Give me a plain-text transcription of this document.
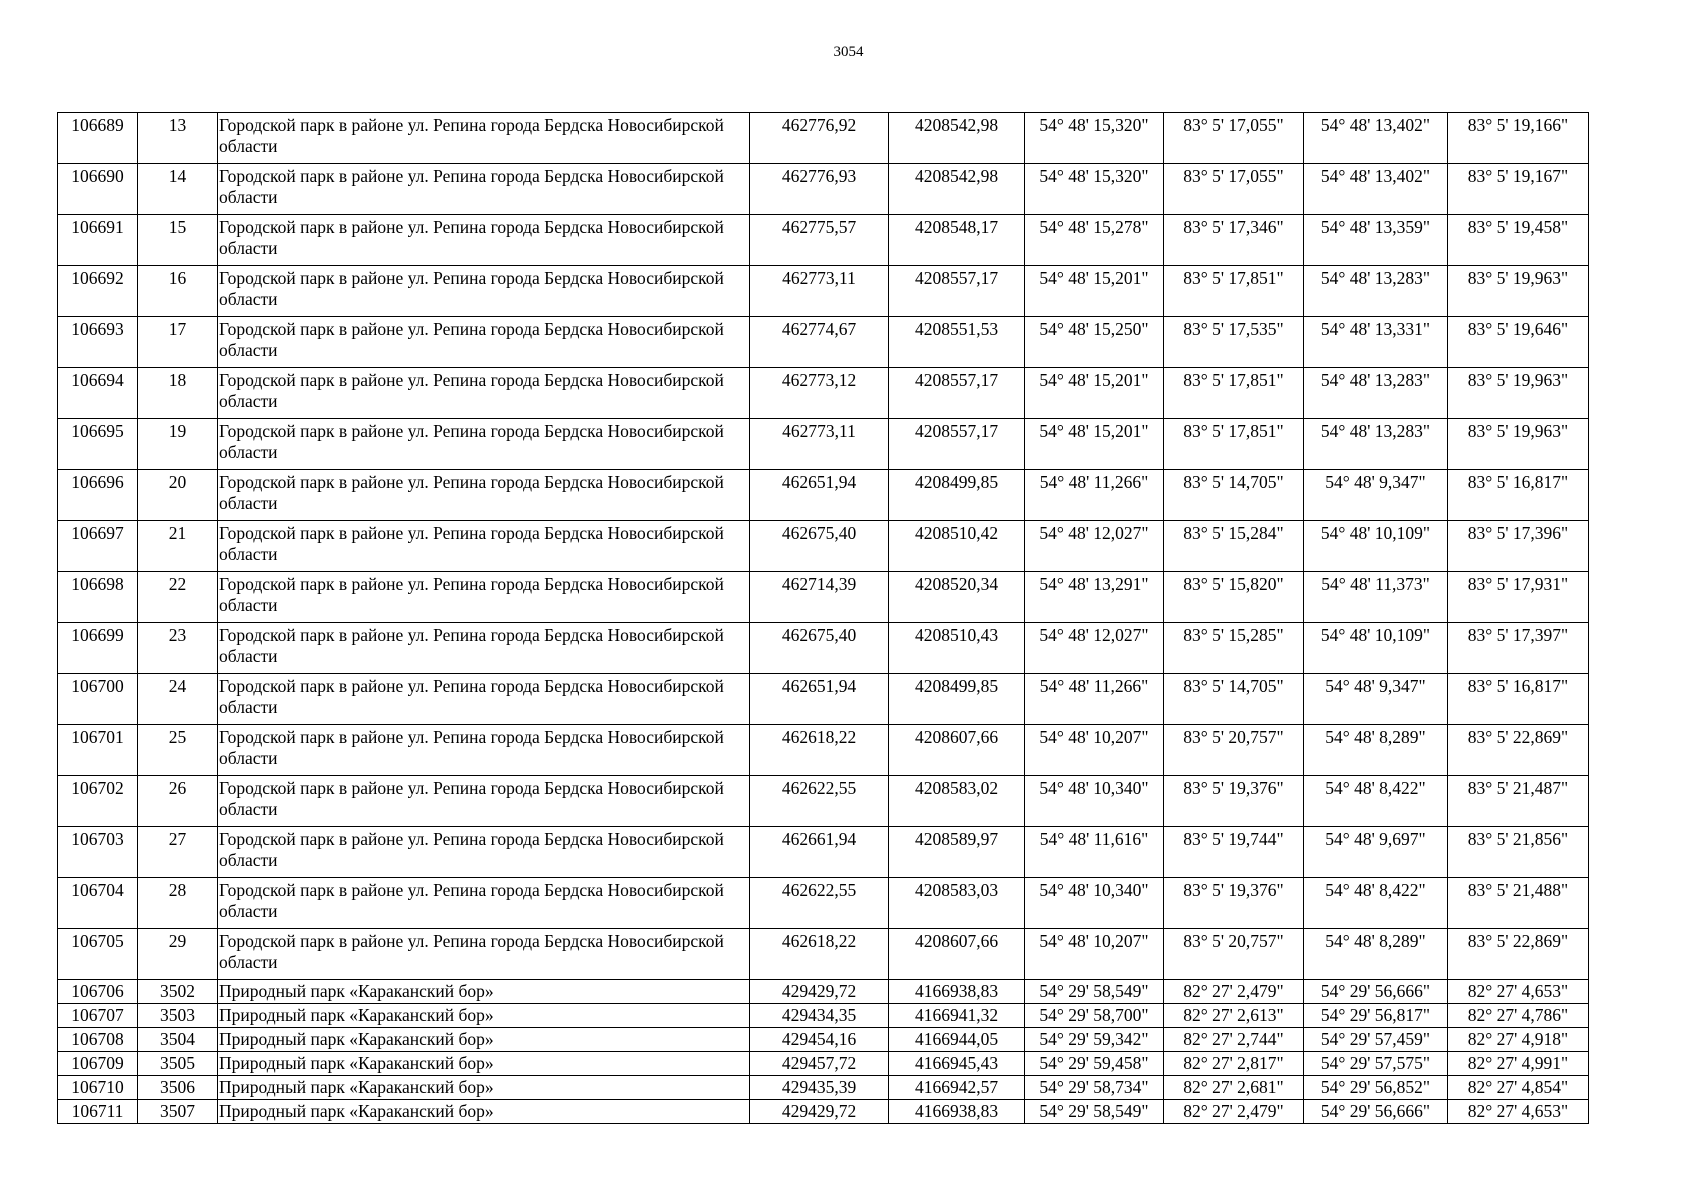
3054
106689	13	Городской парк в районе ул. Репина города Бердска Новосибирской области	462776,92	4208542,98	54° 48' 15,320"	83° 5' 17,055"	54° 48' 13,402"	83° 5' 19,166"
106690	14	Городской парк в районе ул. Репина города Бердска Новосибирской области	462776,93	4208542,98	54° 48' 15,320"	83° 5' 17,055"	54° 48' 13,402"	83° 5' 19,167"
106691	15	Городской парк в районе ул. Репина города Бердска Новосибирской области	462775,57	4208548,17	54° 48' 15,278"	83° 5' 17,346"	54° 48' 13,359"	83° 5' 19,458"
106692	16	Городской парк в районе ул. Репина города Бердска Новосибирской области	462773,11	4208557,17	54° 48' 15,201"	83° 5' 17,851"	54° 48' 13,283"	83° 5' 19,963"
106693	17	Городской парк в районе ул. Репина города Бердска Новосибирской области	462774,67	4208551,53	54° 48' 15,250"	83° 5' 17,535"	54° 48' 13,331"	83° 5' 19,646"
106694	18	Городской парк в районе ул. Репина города Бердска Новосибирской области	462773,12	4208557,17	54° 48' 15,201"	83° 5' 17,851"	54° 48' 13,283"	83° 5' 19,963"
106695	19	Городской парк в районе ул. Репина города Бердска Новосибирской области	462773,11	4208557,17	54° 48' 15,201"	83° 5' 17,851"	54° 48' 13,283"	83° 5' 19,963"
106696	20	Городской парк в районе ул. Репина города Бердска Новосибирской области	462651,94	4208499,85	54° 48' 11,266"	83° 5' 14,705"	54° 48' 9,347"	83° 5' 16,817"
106697	21	Городской парк в районе ул. Репина города Бердска Новосибирской области	462675,40	4208510,42	54° 48' 12,027"	83° 5' 15,284"	54° 48' 10,109"	83° 5' 17,396"
106698	22	Городской парк в районе ул. Репина города Бердска Новосибирской области	462714,39	4208520,34	54° 48' 13,291"	83° 5' 15,820"	54° 48' 11,373"	83° 5' 17,931"
106699	23	Городской парк в районе ул. Репина города Бердска Новосибирской области	462675,40	4208510,43	54° 48' 12,027"	83° 5' 15,285"	54° 48' 10,109"	83° 5' 17,397"
106700	24	Городской парк в районе ул. Репина города Бердска Новосибирской области	462651,94	4208499,85	54° 48' 11,266"	83° 5' 14,705"	54° 48' 9,347"	83° 5' 16,817"
106701	25	Городской парк в районе ул. Репина города Бердска Новосибирской области	462618,22	4208607,66	54° 48' 10,207"	83° 5' 20,757"	54° 48' 8,289"	83° 5' 22,869"
106702	26	Городской парк в районе ул. Репина города Бердска Новосибирской области	462622,55	4208583,02	54° 48' 10,340"	83° 5' 19,376"	54° 48' 8,422"	83° 5' 21,487"
106703	27	Городской парк в районе ул. Репина города Бердска Новосибирской области	462661,94	4208589,97	54° 48' 11,616"	83° 5' 19,744"	54° 48' 9,697"	83° 5' 21,856"
106704	28	Городской парк в районе ул. Репина города Бердска Новосибирской области	462622,55	4208583,03	54° 48' 10,340"	83° 5' 19,376"	54° 48' 8,422"	83° 5' 21,488"
106705	29	Городской парк в районе ул. Репина города Бердска Новосибирской области	462618,22	4208607,66	54° 48' 10,207"	83° 5' 20,757"	54° 48' 8,289"	83° 5' 22,869"
106706	3502	Природный парк «Караканский бор»	429429,72	4166938,83	54° 29' 58,549"	82° 27' 2,479"	54° 29' 56,666"	82° 27' 4,653"
106707	3503	Природный парк «Караканский бор»	429434,35	4166941,32	54° 29' 58,700"	82° 27' 2,613"	54° 29' 56,817"	82° 27' 4,786"
106708	3504	Природный парк «Караканский бор»	429454,16	4166944,05	54° 29' 59,342"	82° 27' 2,744"	54° 29' 57,459"	82° 27' 4,918"
106709	3505	Природный парк «Караканский бор»	429457,72	4166945,43	54° 29' 59,458"	82° 27' 2,817"	54° 29' 57,575"	82° 27' 4,991"
106710	3506	Природный парк «Караканский бор»	429435,39	4166942,57	54° 29' 58,734"	82° 27' 2,681"	54° 29' 56,852"	82° 27' 4,854"
106711	3507	Природный парк «Караканский бор»	429429,72	4166938,83	54° 29' 58,549"	82° 27' 2,479"	54° 29' 56,666"	82° 27' 4,653"
